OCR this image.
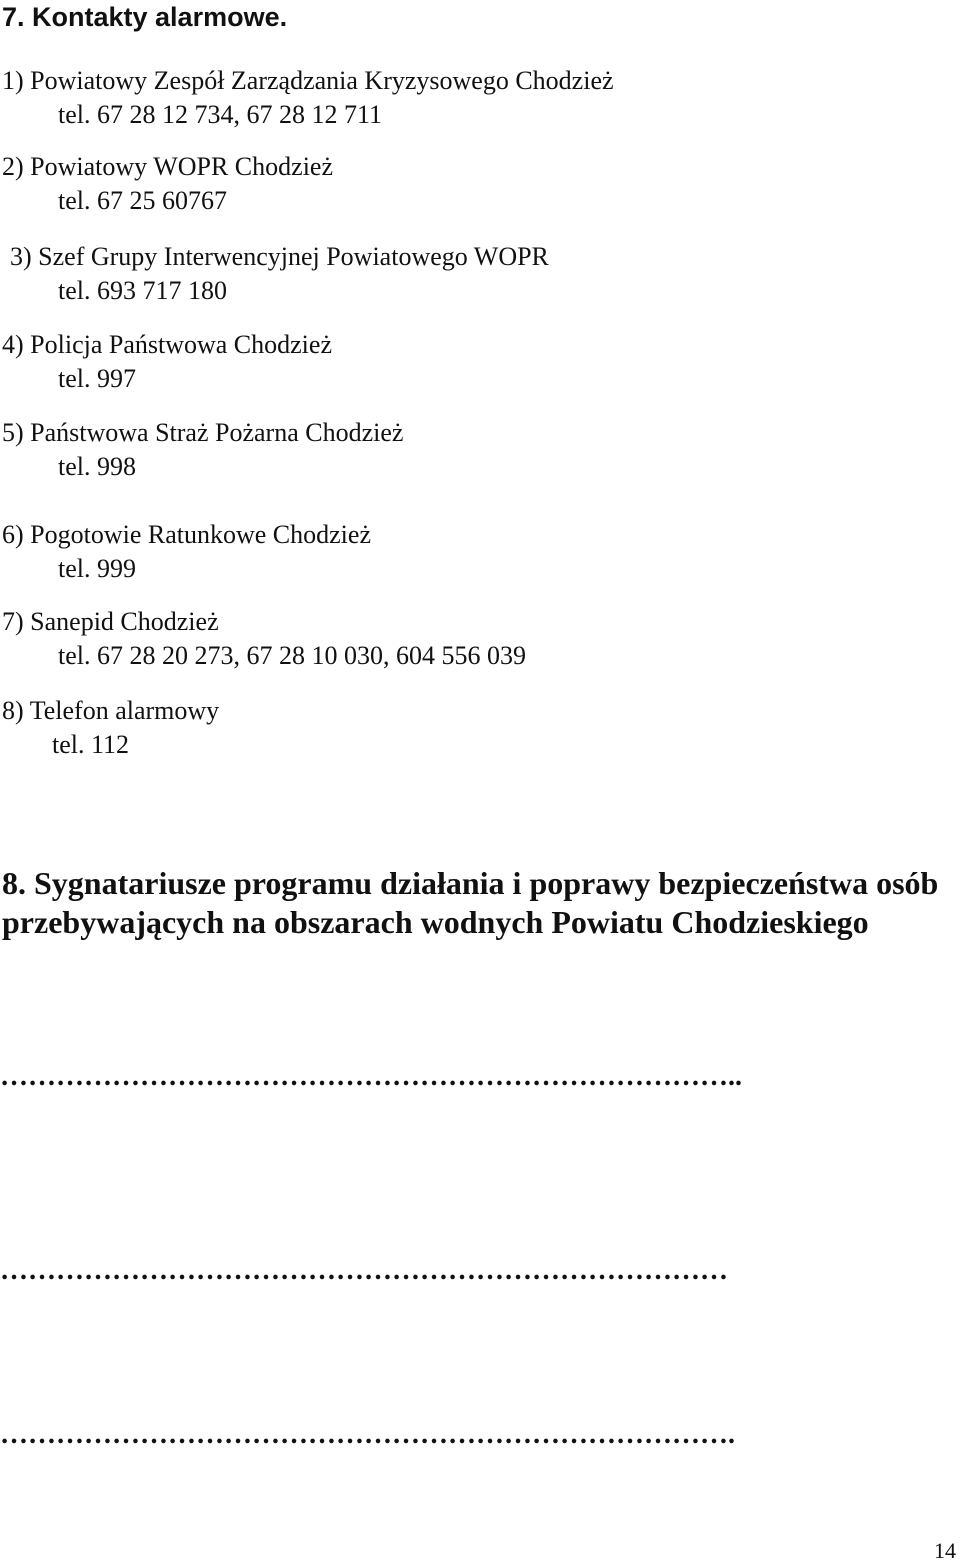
7. Kontakty alarmowe.
1) Powiatowy Zespół Zarządzania Kryzysowego Chodzież
tel. 67 28 12 734, 67 28 12 711
2) Powiatowy WOPR Chodzież
tel. 67 25 60767
3) Szef Grupy Interwencyjnej Powiatowego WOPR
tel. 693 717 180
4) Policja Państwowa Chodzież
tel. 997
5) Państwowa Straż Pożarna Chodzież
tel. 998
6) Pogotowie Ratunkowe Chodzież
tel. 999
7) Sanepid Chodzież
tel. 67 28 20 273, 67 28 10 030, 604 556 039
8) Telefon alarmowy
tel. 112
8. Sygnatariusze programu działania i poprawy bezpieczeństwa osób przebywających na obszarach wodnych Powiatu Chodzieskiego
……………………………………………………………………..
……………………………………………………………………
…………………………………………………………………….
14
